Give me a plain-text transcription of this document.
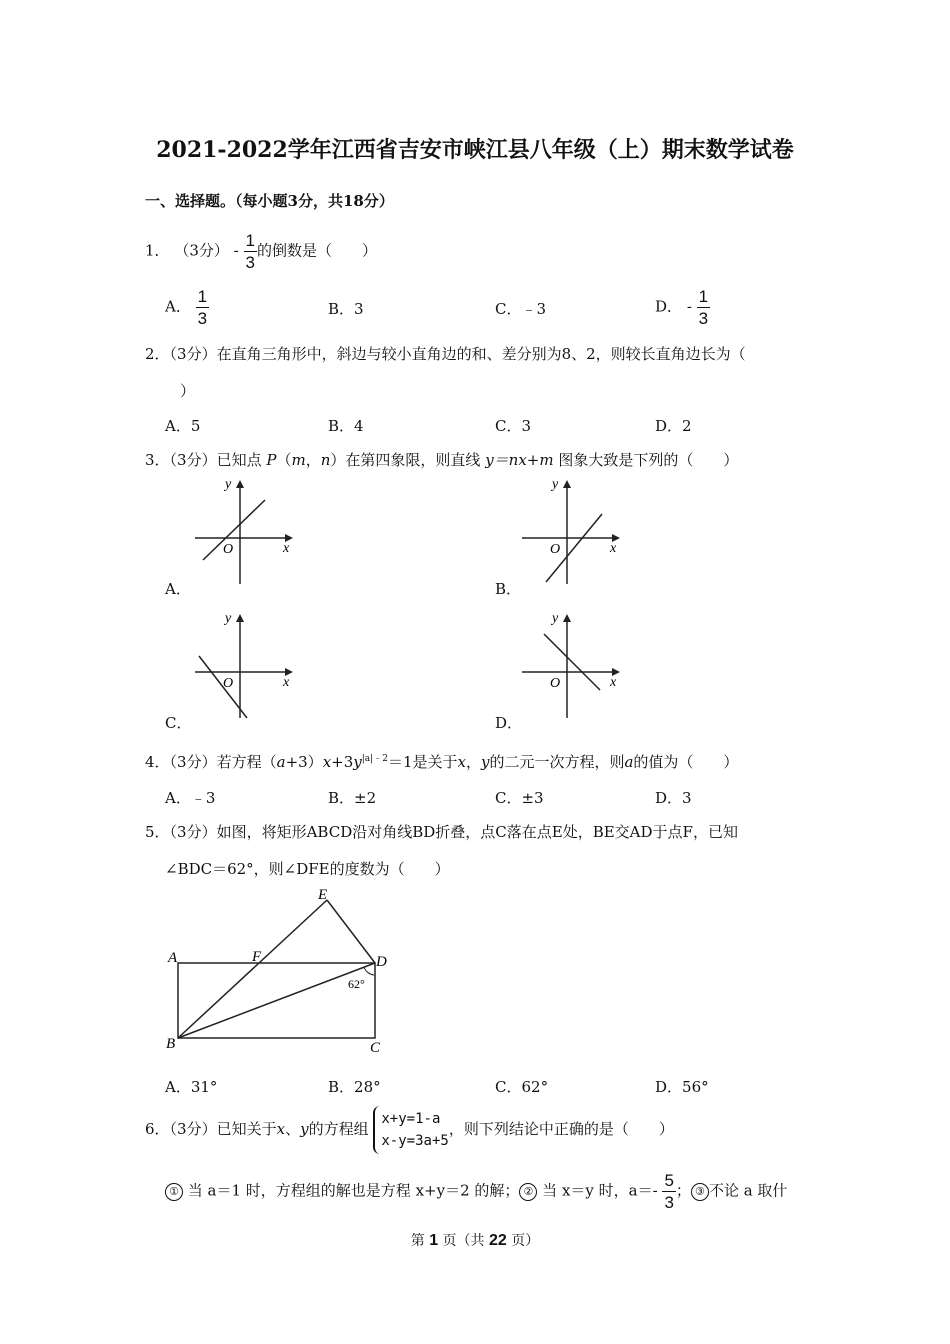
2021-2022学年江西省吉安市峡江县八年级（上）期末数学试卷
一、选择题。（每小题3分，共18分）
1． （3分） - $\frac{1}{3}$ 的倒数是（　　）
A． $\frac{1}{3}$	B．3	C．﹣3	D． - $\frac{1}{3}$
2．（3分）在直角三角形中，斜边与较小直角边的和、差分别为8、2，则较长直角边长为（
）
A．5	B．4	C．3	D．2
3．（3分）已知点 P（m，n）在第四象限，则直线 y＝nx+m 图象大致是下列的（　　）
y
x
O
y
x
O
A．	B．
y
x
O
y
x
O
C．	D．
4．（3分）若方程$(a+3)x+3y^{|a|﹣2}=1$是关于x，y的二元一次方程，则a的值为（　　）
A．﹣3	B．±2	C．±3	D．3
5．（3分）如图，将矩形ABCD沿对角线BD折叠，点C落在点E处，BE交AD于点F，已知
∠BDC＝62°，则∠DFE的度数为（　　）
A
B	C
D
E
F
62°
A．31°	B．28°	C．62°	D．56°
6．（3分）已知关于x、y的方程组
x+y=1-a
x-y=3a+5
，则下列结论中正确的是（　　）
① 当 a＝1 时，方程组的解也是方程 x+y＝2 的解； ② 当 x＝y 时，$a=- \frac{5}{3}$ ； ③ 不论 a 取什
第 1 页（共 22 页）
